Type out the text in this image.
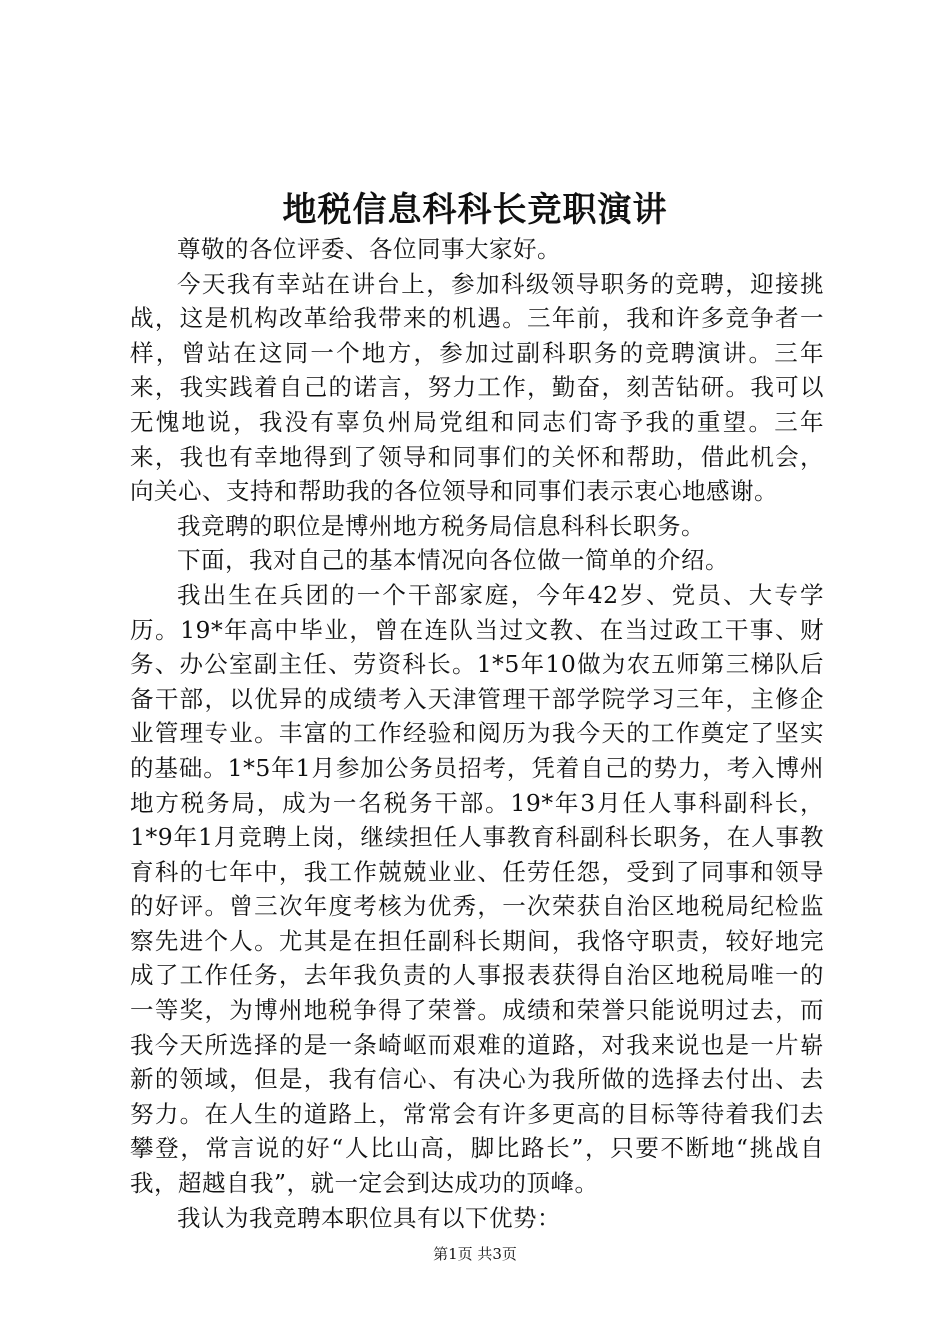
地税信息科科长竞职演讲

尊敬的各位评委、各位同事大家好。

今天我有幸站在讲台上，参加科级领导职务的竞聘，迎接挑战，这是机构改革给我带来的机遇。三年前，我和许多竞争者一样，曾站在这同一个地方，参加过副科职务的竞聘演讲。三年来，我实践着自己的诺言，努力工作，勤奋，刻苦钻研。我可以无愧地说，我没有辜负州局党组和同志们寄予我的重望。三年来，我也有幸地得到了领导和同事们的关怀和帮助，借此机会，向关心、支持和帮助我的各位领导和同事们表示衷心地感谢。

我竞聘的职位是博州地方税务局信息科科长职务。

下面，我对自己的基本情况向各位做一简单的介绍。

我出生在兵团的一个干部家庭，今年42岁、党员、大专学历。19*年高中毕业，曾在连队当过文教、在当过政工干事、财务、办公室副主任、劳资科长。1*5年10做为农五师第三梯队后备干部，以优异的成绩考入天津管理干部学院学习三年，主修企业管理专业。丰富的工作经验和阅历为我今天的工作奠定了坚实的基础。1*5年1月参加公务员招考，凭着自己的势力，考入博州地方税务局，成为一名税务干部。19*年3月任人事科副科长，1*9年1月竞聘上岗，继续担任人事教育科副科长职务，在人事教育科的七年中，我工作兢兢业业、任劳任怨，受到了同事和领导的好评。曾三次年度考核为优秀，一次荣获自治区地税局纪检监察先进个人。尤其是在担任副科长期间，我恪守职责，较好地完成了工作任务，去年我负责的人事报表获得自治区地税局唯一的一等奖，为博州地税争得了荣誉。成绩和荣誉只能说明过去，而我今天所选择的是一条崎岖而艰难的道路，对我来说也是一片崭新的领域，但是，我有信心、有决心为我所做的选择去付出、去努力。在人生的道路上，常常会有许多更高的目标等待着我们去攀登，常言说的好“人比山高，脚比路长”，只要不断地“挑战自我，超越自我”，就一定会到达成功的顶峰。

我认为我竞聘本职位具有以下优势：

第1页 共3页
